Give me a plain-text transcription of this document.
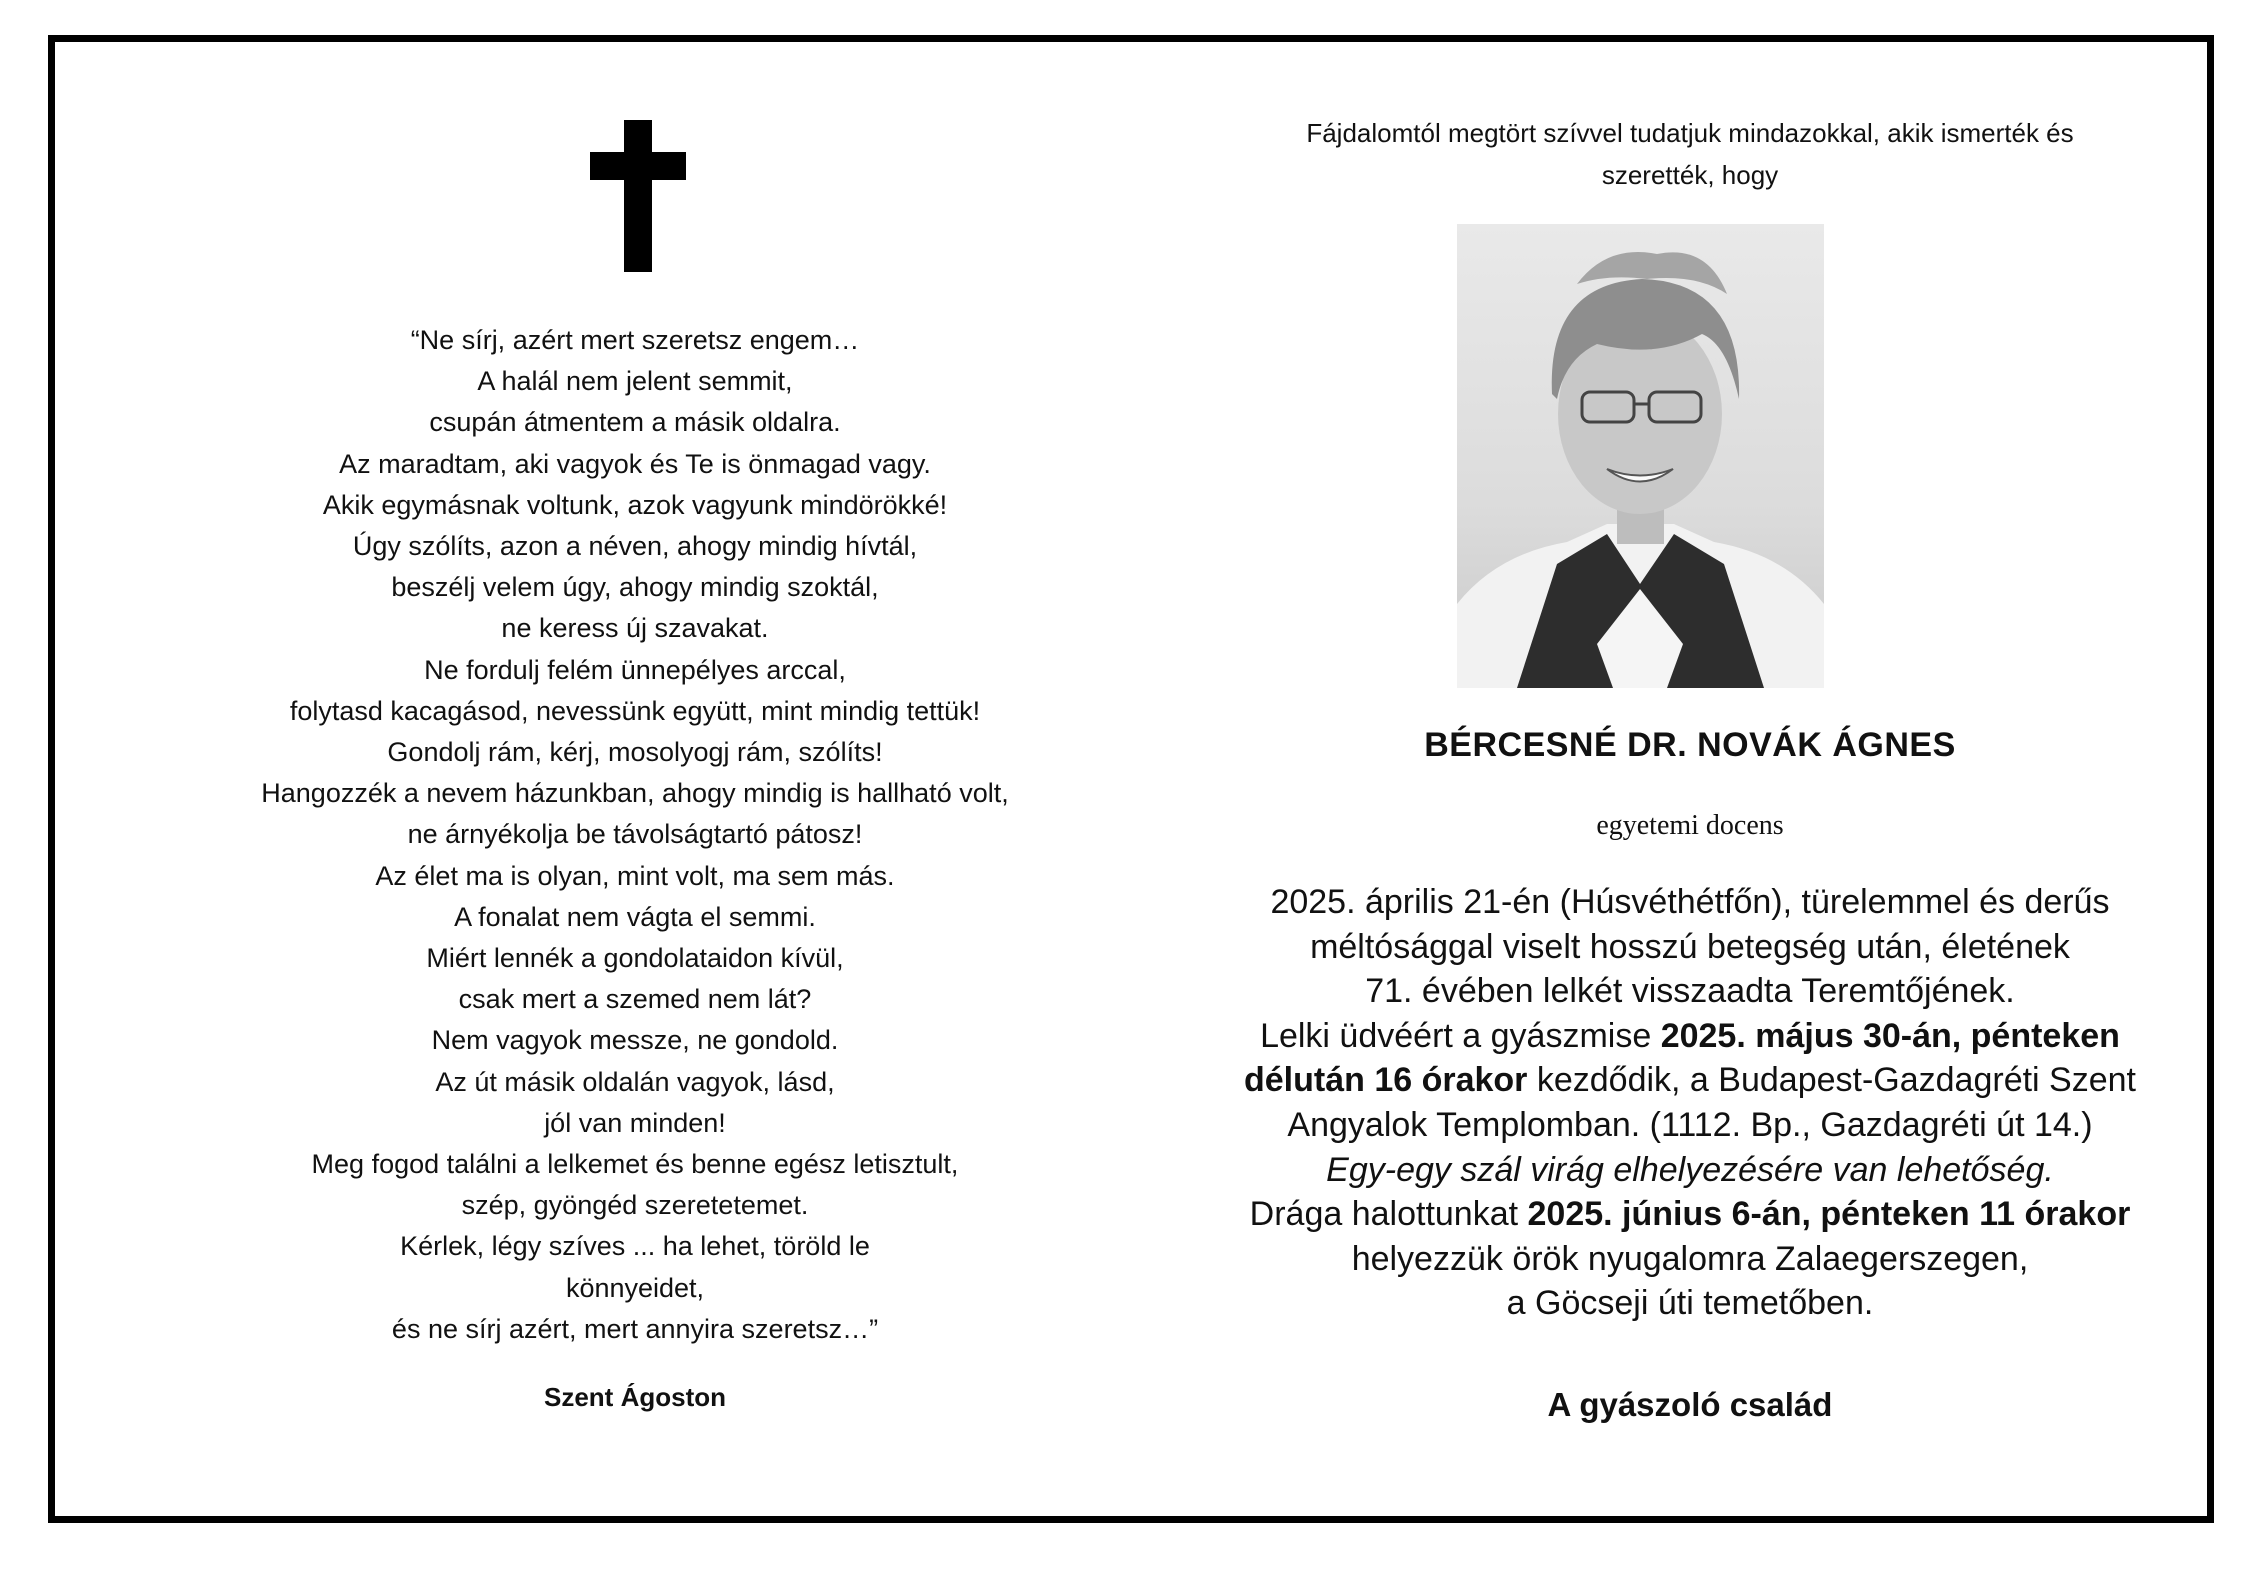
“Ne sírj, azért mert szeretsz engem…
A halál nem jelent semmit,
csupán átmentem a másik oldalra.
Az maradtam, aki vagyok és Te is önmagad vagy.
Akik egymásnak voltunk, azok vagyunk mindörökké!
Úgy szólíts, azon a néven, ahogy mindig hívtál,
beszélj velem úgy, ahogy mindig szoktál,
ne keress új szavakat.
Ne fordulj felém ünnepélyes arccal,
folytasd kacagásod, nevessünk együtt, mint mindig tettük!
Gondolj rám, kérj, mosolyogj rám, szólíts!
Hangozzék a nevem házunkban, ahogy mindig is hallható volt,
ne árnyékolja be távolságtartó pátosz!
Az élet ma is olyan, mint volt, ma sem más.
A fonalat nem vágta el semmi.
Miért lennék a gondolataidon kívül,
csak mert a szemed nem lát?
Nem vagyok messze, ne gondold.
Az út másik oldalán vagyok, lásd,
jól van minden!
Meg fogod találni a lelkemet és benne egész letisztult,
szép, gyöngéd szeretetemet.
Kérlek, légy szíves ... ha lehet, töröld le
könnyeidet,
és ne sírj azért, mert annyira szeretsz…”
Szent Ágoston
Fájdalomtól megtört szívvel tudatjuk mindazokkal, akik ismerték és
szerették, hogy
BÉRCESNÉ DR. NOVÁK ÁGNES
egyetemi docens
2025. április 21-én (Húsvéthétfőn), türelemmel és derűs
méltósággal viselt hosszú betegség után, életének
71. évében lelkét visszaadta Teremtőjének.
Lelki üdvéért a gyászmise 2025. május 30-án, pénteken
délután 16 órakor kezdődik, a Budapest-Gazdagréti Szent
Angyalok Templomban. (1112. Bp., Gazdagréti út 14.)
Egy-egy szál virág elhelyezésére van lehetőség.
Drága halottunkat 2025. június 6-án, pénteken 11 órakor
helyezzük örök nyugalomra Zalaegerszegen,
a Göcseji úti temetőben.
A gyászoló család
